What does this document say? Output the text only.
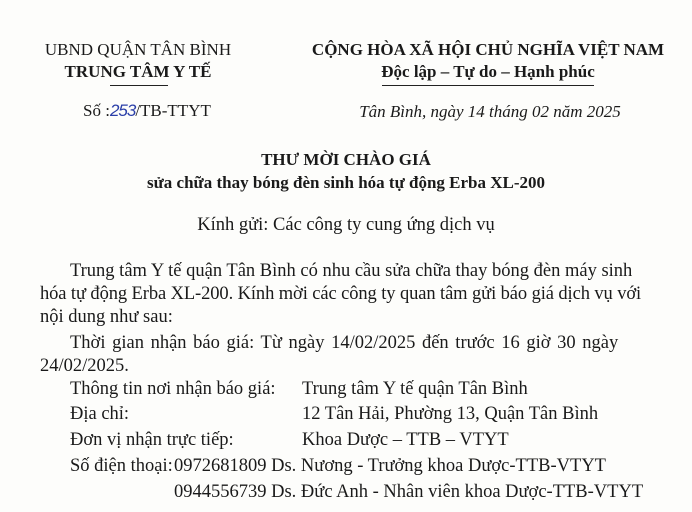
UBND QUẬN TÂN BÌNH
TRUNG TÂM Y TẾ
Số :253/TB-TTYT
CỘNG HÒA XÃ HỘI CHỦ NGHĨA VIỆT NAM
Độc lập – Tự do – Hạnh phúc
Tân Bình, ngày 14 tháng 02 năm 2025
THƯ MỜI CHÀO GIÁ
sửa chữa thay bóng đèn sinh hóa tự động Erba XL-200
Kính gửi: Các công ty cung ứng dịch vụ
Trung tâm Y tế quận Tân Bình có nhu cầu sửa chữa thay bóng đèn máy sinh
hóa tự động Erba XL-200. Kính mời các công ty quan tâm gửi báo giá dịch vụ với
nội dung như sau:
Thời gian nhận báo giá: Từ ngày 14/02/2025 đến trước 16 giờ 30 ngày
24/02/2025.
Thông tin nơi nhận báo giá: Trung tâm Y tế quận Tân Bình
Địa chỉ:	12 Tân Hải, Phường 13, Quận Tân Bình
Đơn vị nhận trực tiếp:	Khoa Dược – TTB – VTYT
Số điện thoại: 0972681809 Ds. Nương - Trưởng khoa Dược-TTB-VTYT
0944556739 Ds. Đức Anh - Nhân viên khoa Dược-TTB-VTYT
